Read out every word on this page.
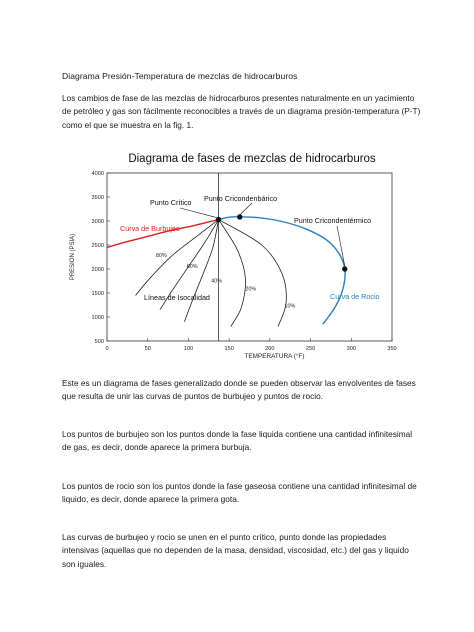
Diagrama Presión-Temperatura de mezclas de hidrocarburos

Los cambios de fase de las mezclas de hidrocarburos presentes naturalmente en un yacimiento de petróleo y gas son fácilmente reconocibles a través de un diagrama presión-temperatura (P-T) como el que se muestra en la fig. 1.

Diagrama de fases de mezclas de hidrocarburos
0	50	100	150	200	250	300	350
500
1000
1500
2000
2500
3000
3500
4000
TEMPERATURA (°F)
PRESION (PSIA)	80%
60%
40%
20%
10%
Punto Crítico Punto Cricondenbárico
Punto Cricondentérmico
Curva de Burbujeo
Curva de Rocio
Líneas de Isocalidad

Este es un diagrama de fases generalizado donde se pueden observar las envolventes de fases que resulta de unir las curvas de puntos de burbujeo y puntos de rocio.

Los puntos de burbujeo son los puntos donde la fase liquida contiene una cantidad infinitesimal de gas, es decir, donde aparece la primera burbuja.

Los puntos de rocio son los puntos donde la fase gaseosa contiene una cantidad infinitesimal de liquido, es decir, donde aparece la primera gota.

Las curvas de burbujeo y rocio se unen en el punto crítico, punto donde las propiedades intensivas (aquellas que no dependen de la masa, densidad, viscosidad, etc.) del gas y liquido son iguales.
